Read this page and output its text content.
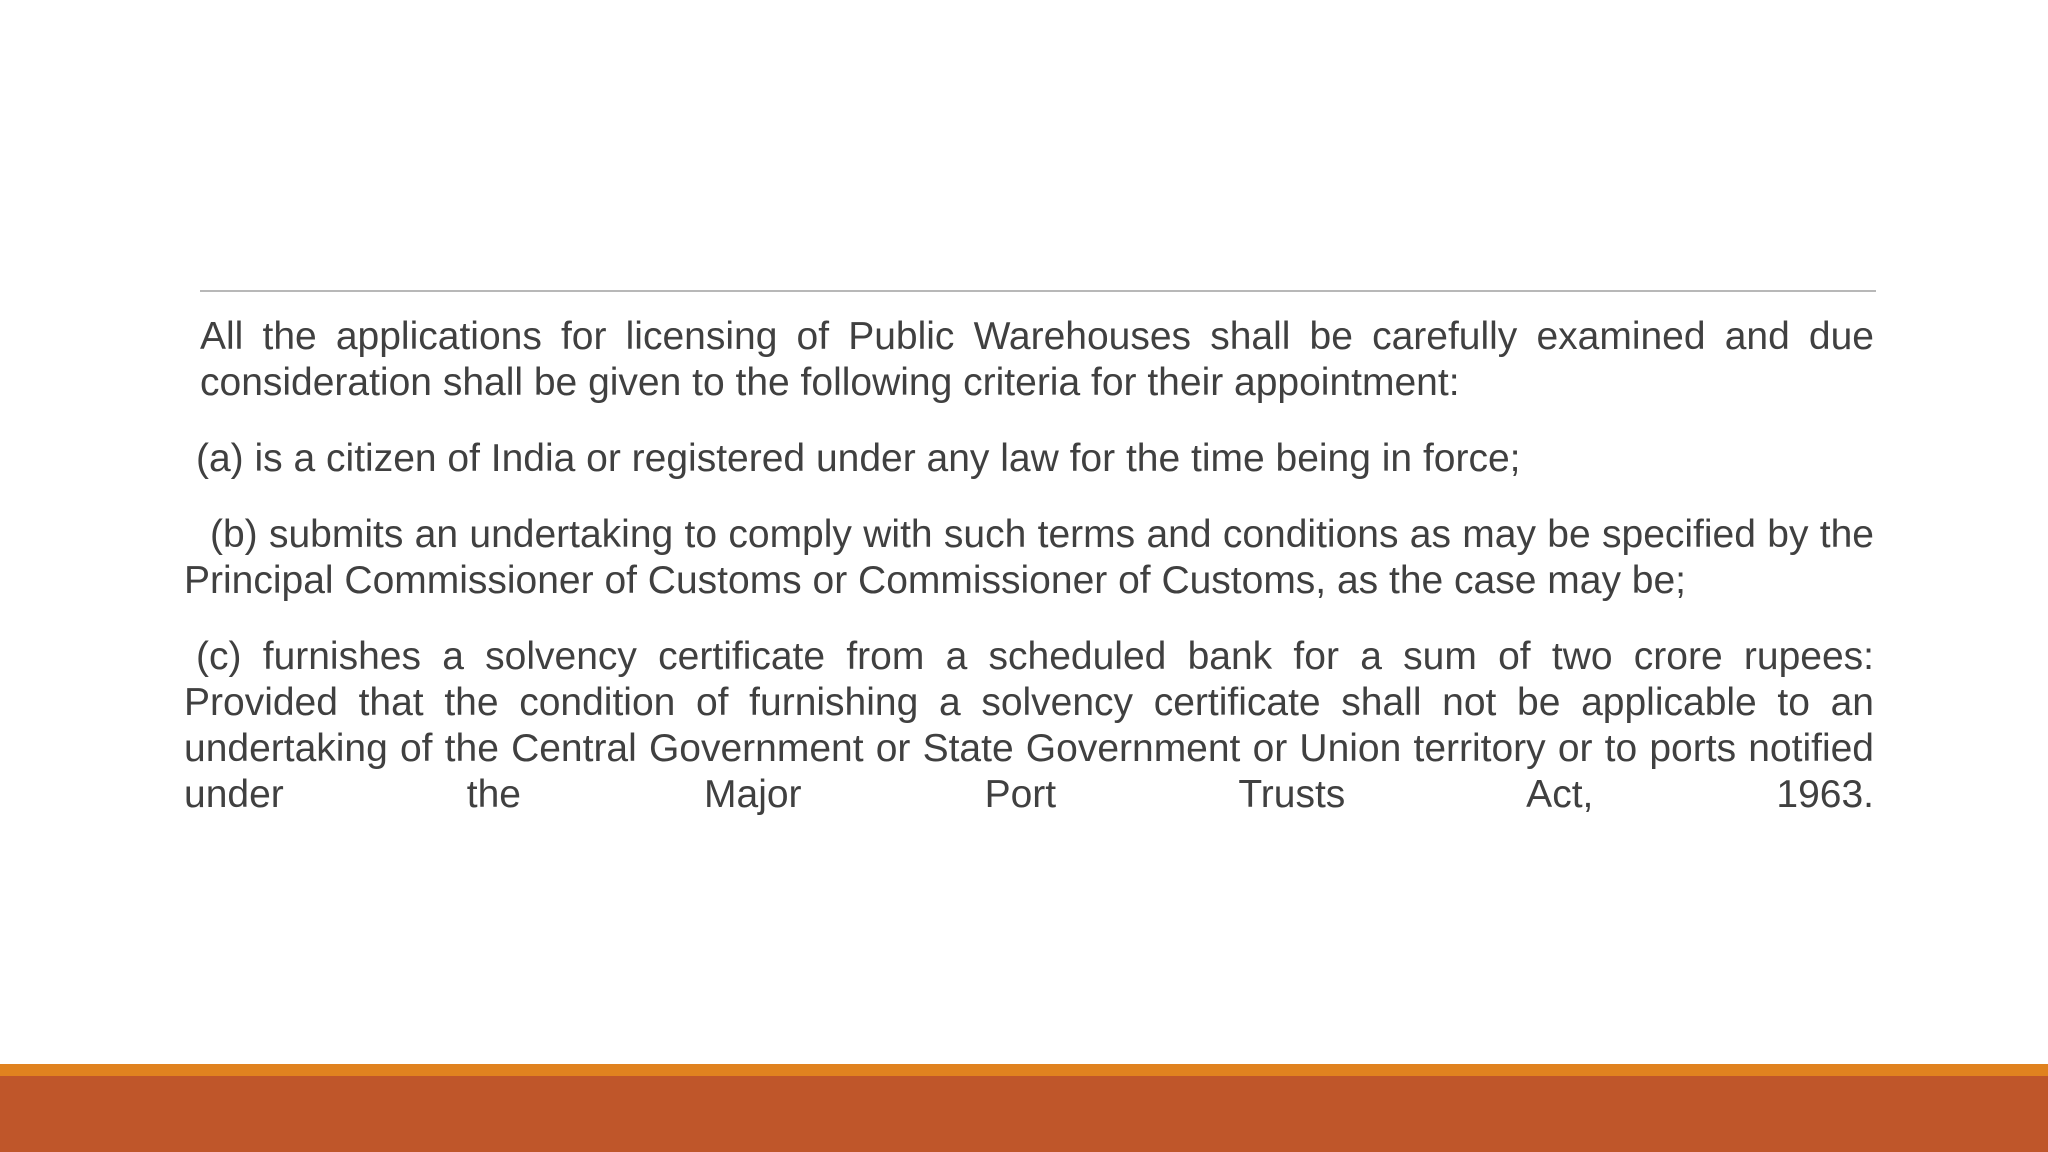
All the applications for licensing of Public Warehouses shall be carefully examined and due consideration shall be given to the following criteria for their appointment:

(a) is a citizen of India or registered under any law for the time being in force;

(b) submits an undertaking to comply with such terms and conditions as may be specified by the Principal Commissioner of Customs or Commissioner of Customs, as the case may be;

(c) furnishes a solvency certificate from a scheduled bank for a sum of two crore rupees: Provided that the condition of furnishing a solvency certificate shall not be applicable to an undertaking of the Central Government or State Government or Union territory or to ports notified under the Major Port Trusts Act, 1963.
